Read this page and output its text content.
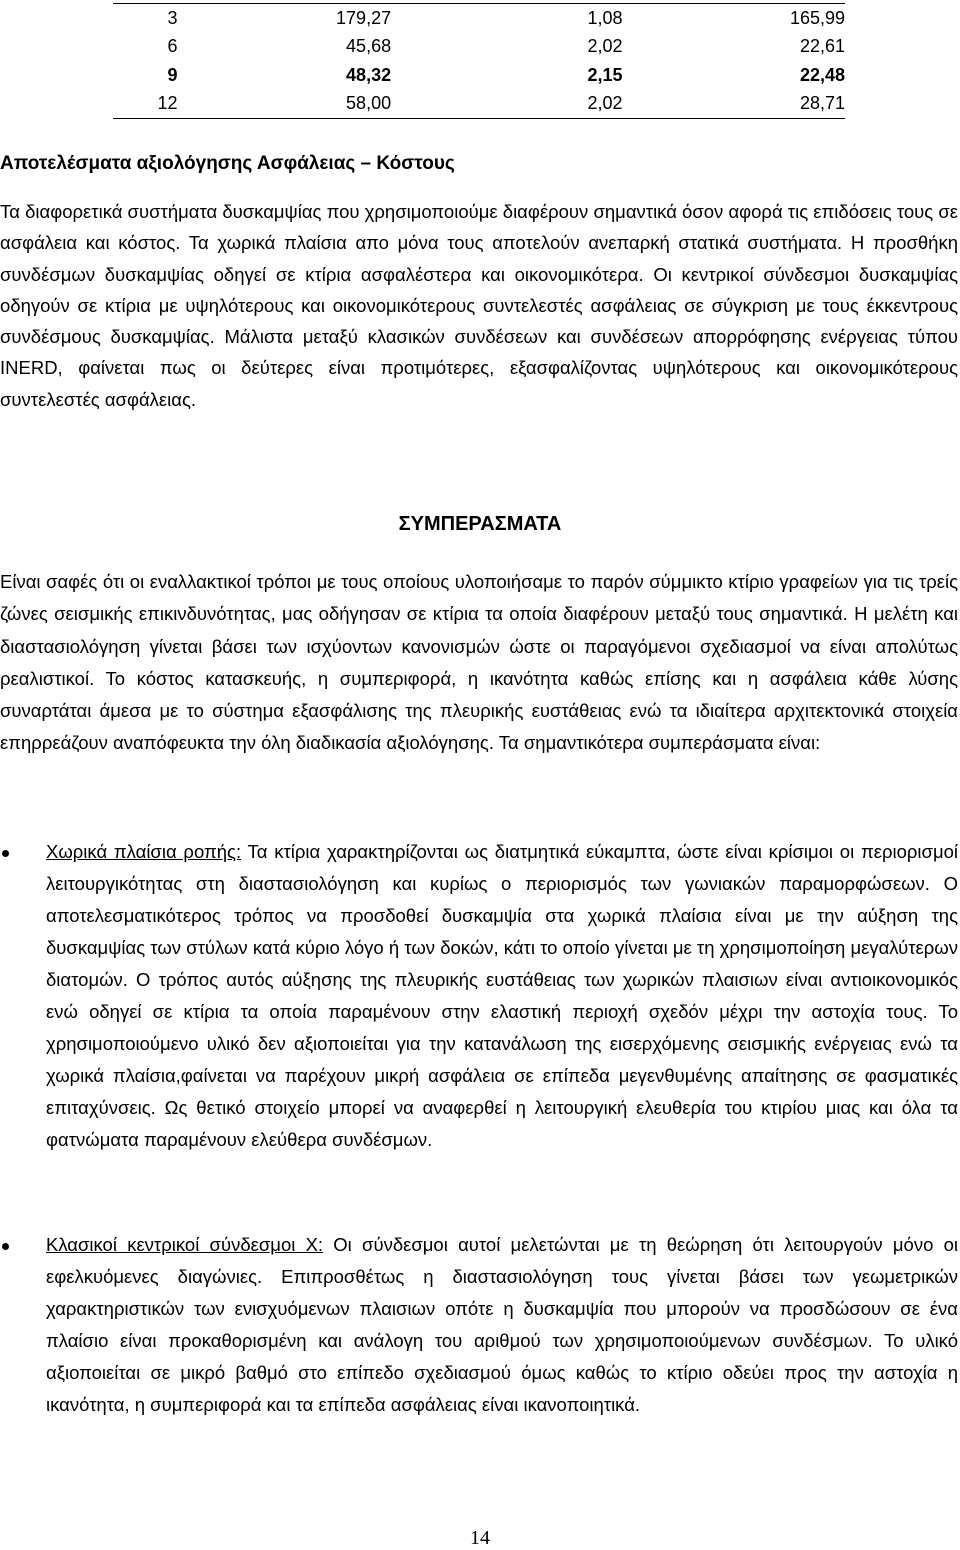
3	179,27	1,08	165,99
6	45,68	2,02	22,61
9	48,32	2,15	22,48
12	58,00	2,02	28,71
Αποτελέσματα αξιολόγησης Ασφάλειας – Κόστους

Τα διαφορετικά συστήματα δυσκαμψίας που χρησιμοποιούμε διαφέρουν σημαντικά όσον αφορά τις επιδόσεις τους σε ασφάλεια και κόστος. Τα χωρικά πλαίσια απο μόνα τους αποτελούν ανεπαρκή στατικά συστήματα. Η προσθήκη συνδέσμων δυσκαμψίας οδηγεί σε κτίρια ασφαλέστερα και οικονομικότερα. Οι κεντρικοί σύνδεσμοι δυσκαμψίας οδηγούν σε κτίρια με υψηλότερους και οικονομικότερους συντελεστές ασφάλειας σε σύγκριση με τους έκκεντρους συνδέσμους δυσκαμψίας. Μάλιστα μεταξύ κλασικών συνδέσεων και συνδέσεων απορρόφησης ενέργειας τύπου INERD, φαίνεται πως οι δεύτερες είναι προτιμότερες, εξασφαλίζοντας υψηλότερους και οικονομικότερους συντελεστές ασφάλειας.

ΣΥΜΠΕΡΑΣΜΑΤΑ

Είναι σαφές ότι οι εναλλακτικοί τρόποι με τους οποίους υλοποιήσαμε το παρόν σύμμικτο κτίριο γραφείων για τις τρείς ζώνες σεισμικής επικινδυνότητας, μας οδήγησαν σε κτίρια τα οποία διαφέρουν μεταξύ τους σημαντικά. Η μελέτη και διαστασιολόγηση γίνεται βάσει των ισχύοντων κανονισμών ώστε οι παραγόμενοι σχεδιασμοί να είναι απολύτως ρεαλιστικοί. Το κόστος κατασκευής, η συμπεριφορά, η ικανότητα καθώς επίσης και η ασφάλεια κάθε λύσης συναρτάται άμεσα με το σύστημα εξασφάλισης της πλευρικής ευστάθειας ενώ τα ιδιαίτερα αρχιτεκτονικά στοιχεία επηρρεάζουν αναπόφευκτα την όλη διαδικασία αξιολόγησης. Τα σημαντικότερα συμπεράσματα είναι:

Χωρικά πλαίσια ροπής: Τα κτίρια χαρακτηρίζονται ως διατμητικά εύκαμπτα, ώστε είναι κρίσιμοι οι περιορισμοί λειτουργικότητας στη διαστασιολόγηση και κυρίως ο περιορισμός των γωνιακών παραμορφώσεων. Ο αποτελεσματικότερος τρόπος να προσδοθεί δυσκαμψία στα χωρικά πλαίσια είναι με την αύξηση της δυσκαμψίας των στύλων κατά κύριο λόγο ή των δοκών, κάτι το οποίο γίνεται με τη χρησιμοποίηση μεγαλύτερων διατομών. Ο τρόπος αυτός αύξησης της πλευρικής ευστάθειας των χωρικών πλαισιων είναι αντιοικονομικός ενώ οδηγεί σε κτίρια τα οποία παραμένουν στην ελαστική περιοχή σχεδόν μέχρι την αστοχία τους. Το χρησιμοποιούμενο υλικό δεν αξιοποιείται για την κατανάλωση της εισερχόμενης σεισμικής ενέργειας ενώ τα χωρικά πλαίσια,φαίνεται να παρέχουν μικρή ασφάλεια σε επίπεδα μεγενθυμένης απαίτησης σε φασματικές επιταχύνσεις. Ως θετικό στοιχείο μπορεί να αναφερθεί η λειτουργική ελευθερία του κτιρίου μιας και όλα τα φατνώματα παραμένουν ελεύθερα συνδέσμων.

Κλασικοί κεντρικοί σύνδεσμοι Χ: Οι σύνδεσμοι αυτοί μελετώνται με τη θεώρηση ότι λειτουργούν μόνο οι εφελκυόμενες διαγώνιες. Επιπροσθέτως η διαστασιολόγηση τους γίνεται βάσει των γεωμετρικών χαρακτηριστικών των ενισχυόμενων πλαισιων οπότε η δυσκαμψία που μπορούν να προσδώσουν σε ένα πλαίσιο είναι προκαθορισμένη και ανάλογη του αριθμού των χρησιμοποιούμενων συνδέσμων. Το υλικό αξιοποιείται σε μικρό βαθμό στο επίπεδο σχεδιασμού όμως καθώς το κτίριο οδεύει προς την αστοχία η ικανότητα, η συμπεριφορά και τα επίπεδα ασφάλειας είναι ικανοποιητικά.

14
